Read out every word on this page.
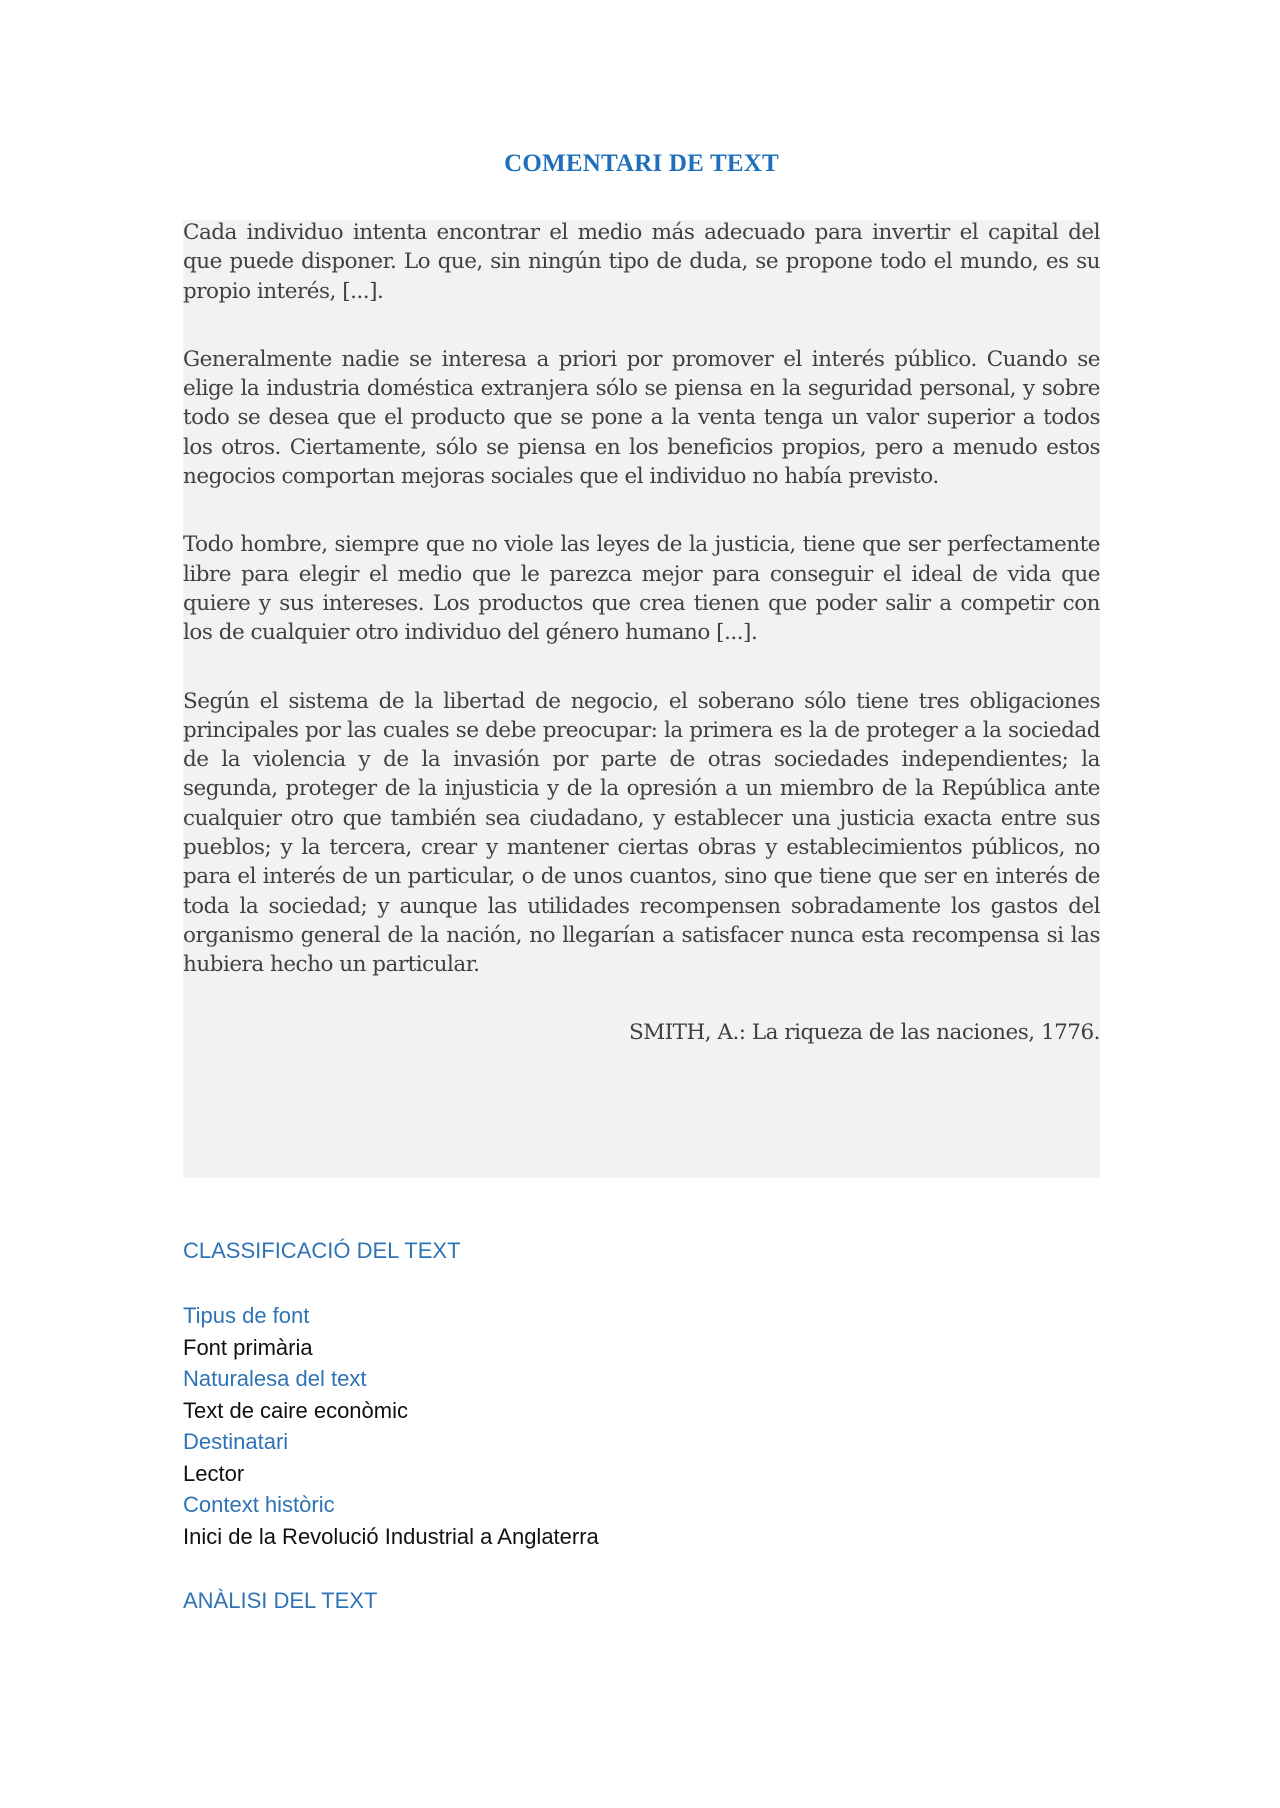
COMENTARI DE TEXT

Cada individuo intenta encontrar el medio más adecuado para invertir el capital del que puede disponer. Lo que, sin ningún tipo de duda, se propone todo el mundo, es su propio interés, [...].

Generalmente nadie se interesa a priori por promover el interés público. Cuando se elige la industria doméstica extranjera sólo se piensa en la seguridad personal, y sobre todo se desea que el producto que se pone a la venta tenga un valor superior a todos los otros. Ciertamente, sólo se piensa en los beneficios propios, pero a menudo estos negocios comportan mejoras sociales que el individuo no había previsto.

Todo hombre, siempre que no viole las leyes de la justicia, tiene que ser perfectamente libre para elegir el medio que le parezca mejor para conseguir el ideal de vida que quiere y sus intereses. Los productos que crea tienen que poder salir a competir con los de cualquier otro individuo del género humano [...].

Según el sistema de la libertad de negocio, el soberano sólo tiene tres obligaciones principales por las cuales se debe preocupar: la primera es la de proteger a la sociedad de la violencia y de la invasión por parte de otras sociedades independientes; la segunda, proteger de la injusticia y de la opresión a un miembro de la República ante cualquier otro que también sea ciudadano, y establecer una justicia exacta entre sus pueblos; y la tercera, crear y mantener ciertas obras y establecimientos públicos, no para el interés de un particular, o de unos cuantos, sino que tiene que ser en interés de toda la sociedad; y aunque las utilidades recompensen sobradamente los gastos del organismo general de la nación, no llegarían a satisfacer nunca esta recompensa si las hubiera hecho un particular.

SMITH, A.: La riqueza de las naciones, 1776.
CLASSIFICACIÓ DEL TEXT
Tipus de font
Font primària
Naturalesa del text
Text de caire econòmic
Destinatari
Lector
Context històric
Inici de la Revolució Industrial a Anglaterra
ANÀLISI DEL TEXT
